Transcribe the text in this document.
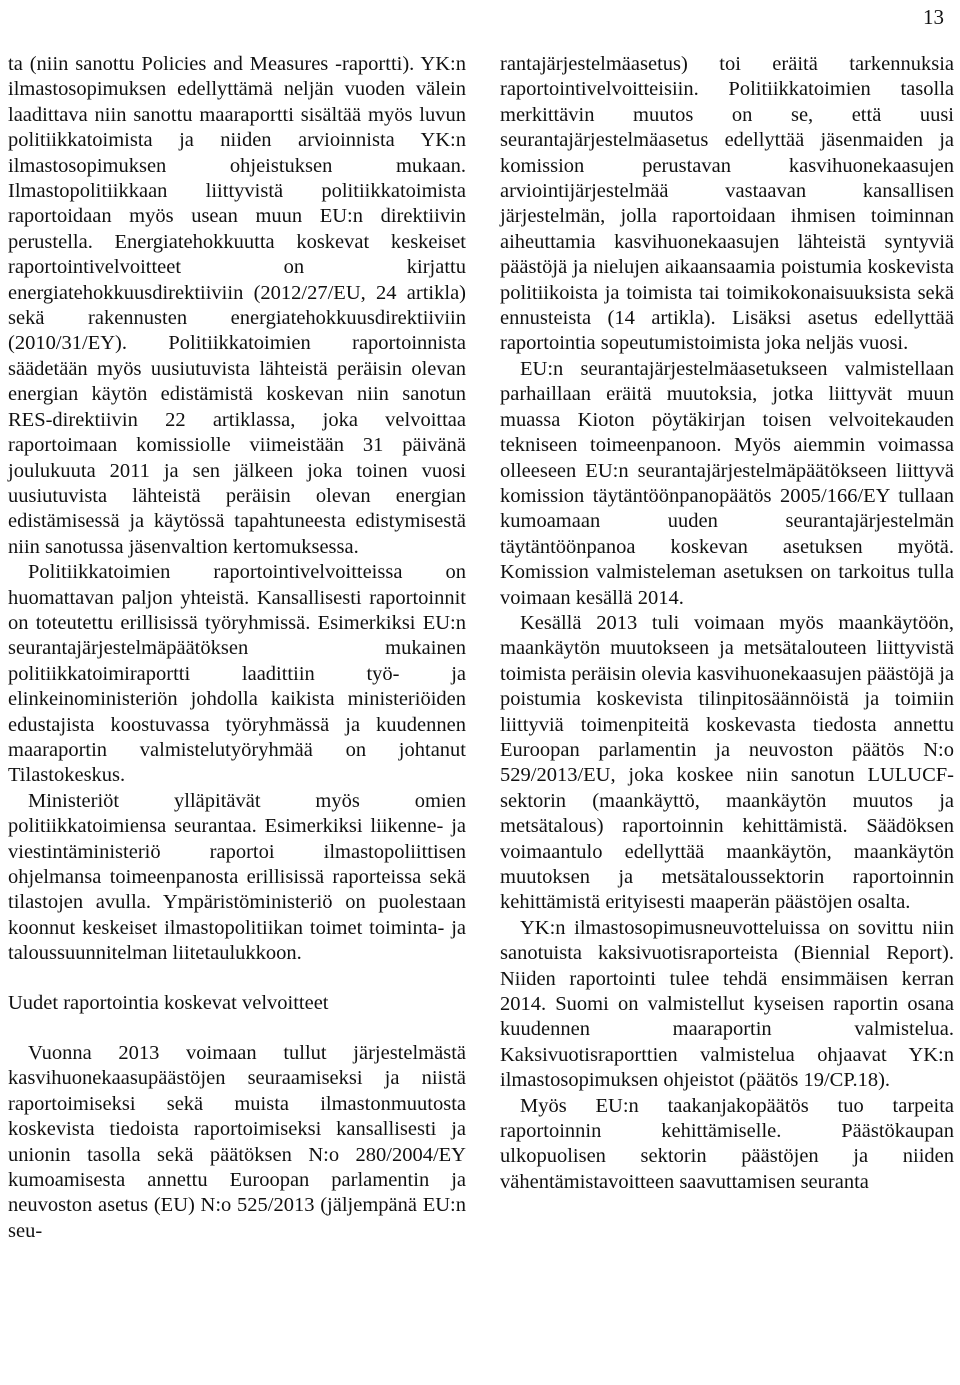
13

ta (niin sanottu Policies and Measures -raportti). YK:n ilmastosopimuksen edellyttämä neljän vuoden välein laadittava niin sanottu maaraportti sisältää myös luvun politiikkatoimista ja niiden arvioinnista YK:n ilmastosopimuksen ohjeistuksen mukaan. Ilmastopolitiikkaan liittyvistä politiikkatoimista raportoidaan myös usean muun EU:n direktiivin perustella. Energiatehokkuutta koskevat keskeiset raportointivelvoitteet on kirjattu energiatehokkuusdirektiiviin (2012/27/EU, 24 artikla) sekä rakennusten energiatehokkuusdirektiiviin (2010/31/EY). Politiikkatoimien raportoinnista säädetään myös uusiutuvista lähteistä peräisin olevan energian käytön edistämistä koskevan niin sanotun RES-direktiivin 22 artiklassa, joka velvoittaa raportoimaan komissiolle viimeistään 31 päivänä joulukuuta 2011 ja sen jälkeen joka toinen vuosi uusiutuvista lähteistä peräisin olevan energian edistämisessä ja käytössä tapahtuneesta edistymisestä niin sanotussa jäsenvaltion kertomuksessa.

Politiikkatoimien raportointivelvoitteissa on huomattavan paljon yhteistä. Kansallisesti raportoinnit on toteutettu erillisissä työryhmissä. Esimerkiksi EU:n seurantajärjestelmäpäätöksen mukainen politiikkatoimiraportti laadittiin työ- ja elinkeinoministeriön johdolla kaikista ministeriöiden edustajista koostuvassa työryhmässä ja kuudennen maaraportin valmistelutyöryhmää on johtanut Tilastokeskus.

Ministeriöt ylläpitävät myös omien politiikkatoimiensa seurantaa. Esimerkiksi liikenne- ja viestintäministeriö raportoi ilmastopoliittisen ohjelmansa toimeenpanosta erillisissä raporteissa sekä tilastojen avulla. Ympäristöministeriö on puolestaan koonnut keskeiset ilmastopolitiikan toimet toiminta- ja taloussuunnitelman liitetaulukkoon.

Uudet raportointia koskevat velvoitteet

Vuonna 2013 voimaan tullut järjestelmästä kasvihuonekaasupäästöjen seuraamiseksi ja niistä raportoimiseksi sekä muista ilmastonmuutosta koskevista tiedoista raportoimiseksi kansallisesti ja unionin tasolla sekä päätöksen N:o 280/2004/EY kumoamisesta annettu Euroopan parlamentin ja neuvoston asetus (EU) N:o 525/2013 (jäljempänä EU:n seu-

rantajärjestelmäasetus) toi eräitä tarkennuksia raportointivelvoitteisiin. Politiikkatoimien tasolla merkittävin muutos on se, että uusi seurantajärjestelmäasetus edellyttää jäsenmaiden ja komission perustavan kasvihuonekaasujen arviointijärjestelmää vastaavan kansallisen järjestelmän, jolla raportoidaan ihmisen toiminnan aiheuttamia kasvihuonekaasujen lähteistä syntyviä päästöjä ja nielujen aikaansaamia poistumia koskevista politiikoista ja toimista tai toimikokonaisuuksista sekä ennusteista (14 artikla). Lisäksi asetus edellyttää raportointia sopeutumistoimista joka neljäs vuosi.

EU:n seurantajärjestelmäasetukseen valmistellaan parhaillaan eräitä muutoksia, jotka liittyvät muun muassa Kioton pöytäkirjan toisen velvoitekauden tekniseen toimeenpanoon. Myös aiemmin voimassa olleeseen EU:n seurantajärjestelmäpäätökseen liittyvä komission täytäntöönpanopäätös 2005/166/EY tullaan kumoamaan uuden seurantajärjestelmän täytäntöönpanoa koskevan asetuksen myötä. Komission valmisteleman asetuksen on tarkoitus tulla voimaan kesällä 2014.

Kesällä 2013 tuli voimaan myös maankäytöön, maankäytön muutokseen ja metsätalouteen liittyvistä toimista peräisin olevia kasvihuonekaasujen päästöjä ja poistumia koskevista tilinpitosäännöistä ja toimiin liittyviä toimenpiteitä koskevasta tiedosta annettu Euroopan parlamentin ja neuvoston päätös N:o 529/2013/EU, joka koskee niin sanotun LULUCF-sektorin (maankäyttö, maankäytön muutos ja metsätalous) raportoinnin kehittämistä. Säädöksen voimaantulo edellyttää maankäytön, maankäytön muutoksen ja metsätaloussektorin raportoinnin kehittämistä erityisesti maaperän päästöjen osalta.

YK:n ilmastosopimusneuvotteluissa on sovittu niin sanotuista kaksivuotisraporteista (Biennial Report). Niiden raportointi tulee tehdä ensimmäisen kerran 2014. Suomi on valmistellut kyseisen raportin osana kuudennen maaraportin valmistelua. Kaksivuotisraporttien valmistelua ohjaavat YK:n ilmastosopimuksen ohjeistot (päätös 19/CP.18).

Myös EU:n taakanjakopäätös tuo tarpeita raportoinnin kehittämiselle. Päästökaupan ulkopuolisen sektorin päästöjen ja niiden vähentämistavoitteen saavuttamisen seuranta
